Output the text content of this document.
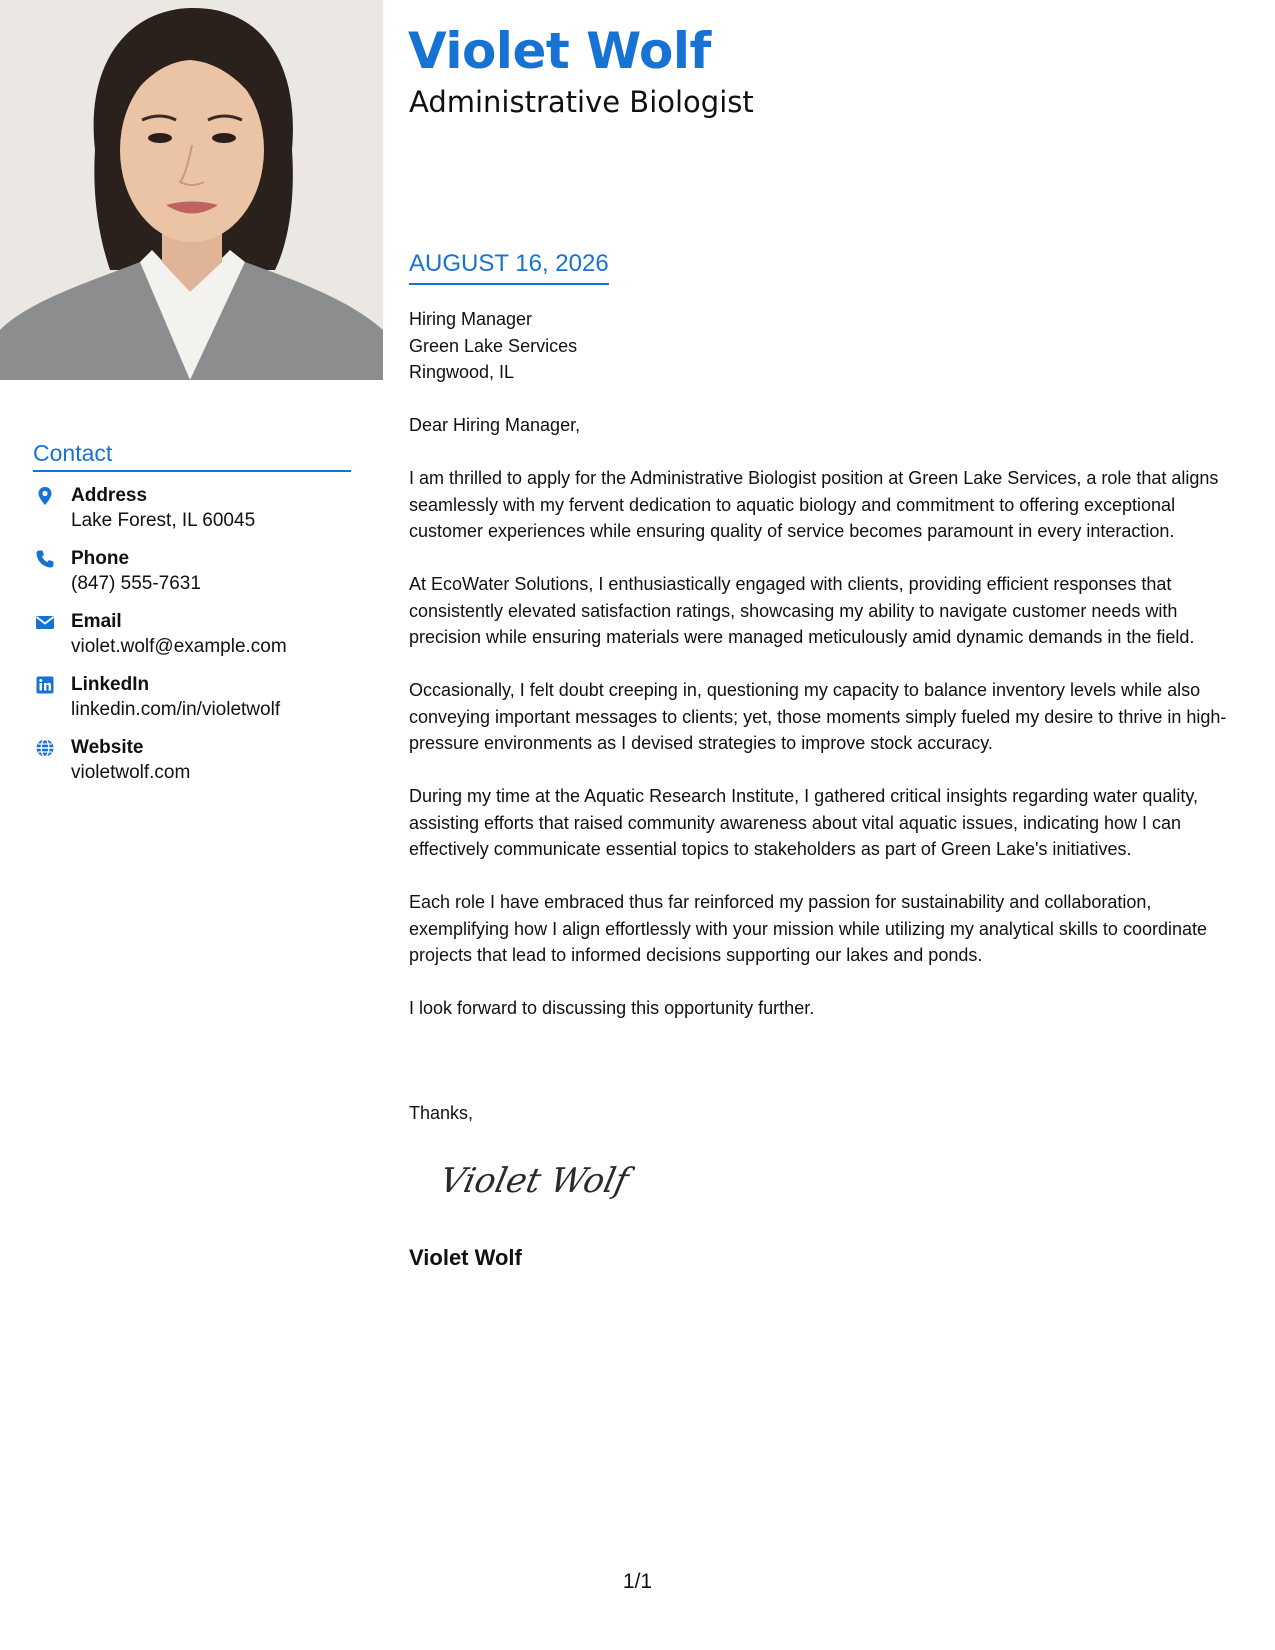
Violet Wolf
Administrative Biologist
AUGUST 16, 2026

Hiring Manager
Green Lake Services
Ringwood, IL

Dear Hiring Manager,

I am thrilled to apply for the Administrative Biologist position at Green Lake Services, a role that aligns seamlessly with my fervent dedication to aquatic biology and commitment to offering exceptional customer experiences while ensuring quality of service becomes paramount in every interaction.

At EcoWater Solutions, I enthusiastically engaged with clients, providing efficient responses that consistently elevated satisfaction ratings, showcasing my ability to navigate customer needs with precision while ensuring materials were managed meticulously amid dynamic demands in the field.

Occasionally, I felt doubt creeping in, questioning my capacity to balance inventory levels while also conveying important messages to clients; yet, those moments simply fueled my desire to thrive in high-pressure environments as I devised strategies to improve stock accuracy.

During my time at the Aquatic Research Institute, I gathered critical insights regarding water quality, assisting efforts that raised community awareness about vital aquatic issues, indicating how I can effectively communicate essential topics to stakeholders as part of Green Lake's initiatives.

Each role I have embraced thus far reinforced my passion for sustainability and collaboration, exemplifying how I align effortlessly with your mission while utilizing my analytical skills to coordinate projects that lead to informed decisions supporting our lakes and ponds.

I look forward to discussing this opportunity further.

Thanks,
Violet Wolf
Violet Wolf
Contact
Address
Lake Forest, IL 60045
Phone
(847) 555-7631
Email
violet.wolf@example.com
LinkedIn
linkedin.com/in/violetwolf
Website
violetwolf.com
1/1
